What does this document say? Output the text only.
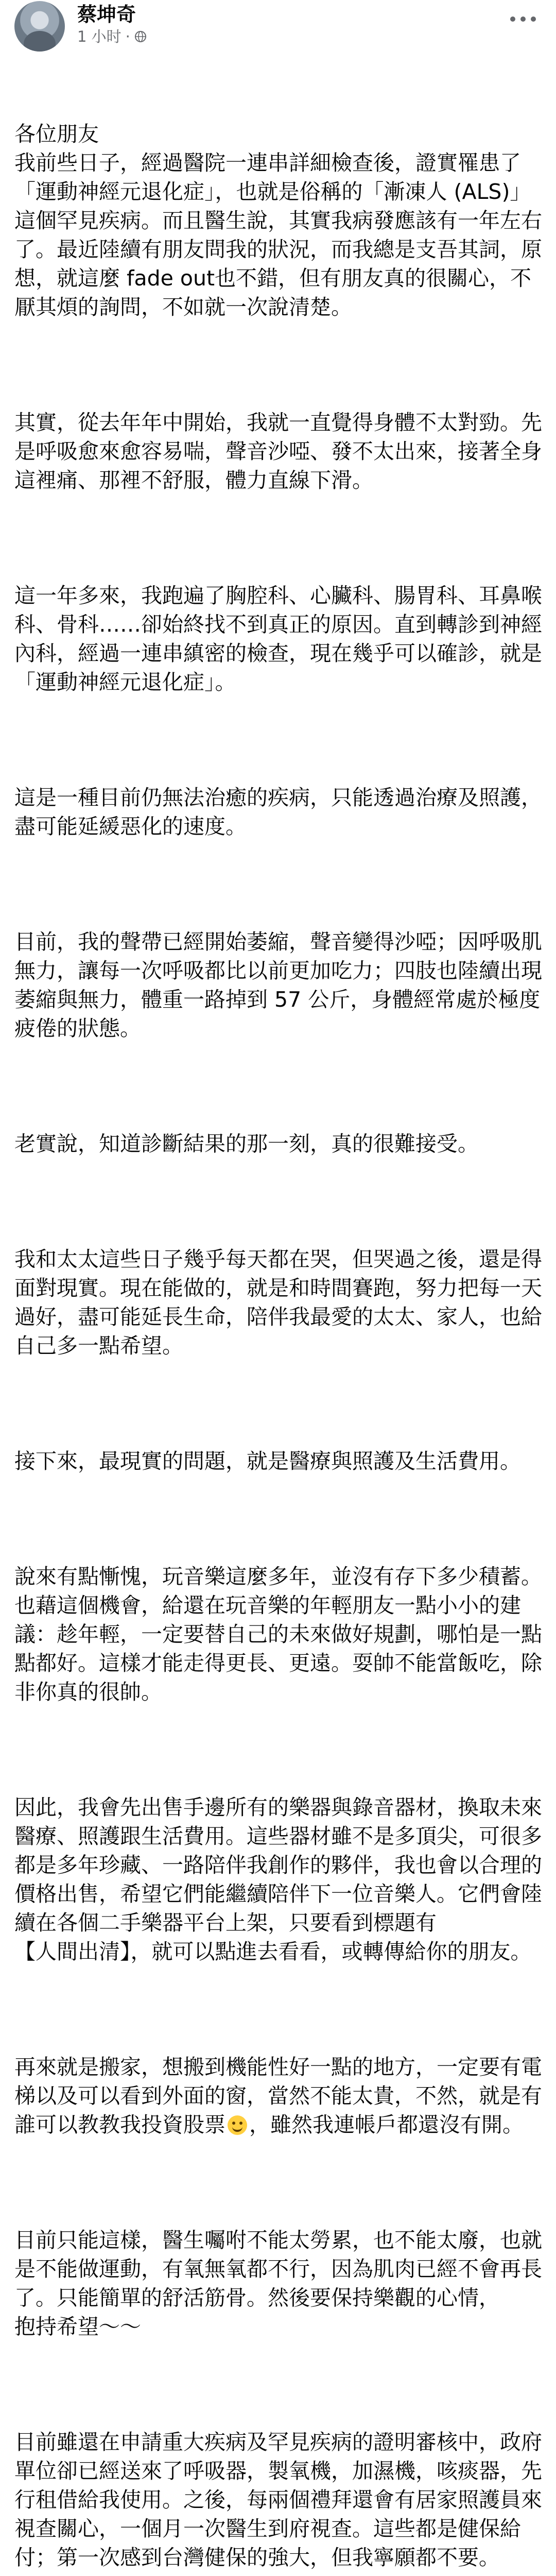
蔡坤奇
1 小时 ·

各位朋友
我前些日子，經過醫院一連串詳細檢查後，證實罹患了「運動神經元退化症」，也就是俗稱的「漸凍人 (ALS)」這個罕見疾病。而且醫生說，其實我病發應該有一年左右了。最近陸續有朋友問我的狀況，而我總是支吾其詞，原想，就這麼 fade out也不錯，但有朋友真的很關心，不厭其煩的詢問，不如就一次說清楚。

其實，從去年年中開始，我就一直覺得身體不太對勁。先是呼吸愈來愈容易喘，聲音沙啞、發不太出來，接著全身這裡痛、那裡不舒服，體力直線下滑。

這一年多來，我跑遍了胸腔科、心臟科、腸胃科、耳鼻喉科、骨科……卻始終找不到真正的原因。直到轉診到神經內科，經過一連串縝密的檢查，現在幾乎可以確診，就是「運動神經元退化症」。

這是一種目前仍無法治癒的疾病，只能透過治療及照護，盡可能延緩惡化的速度。

目前，我的聲帶已經開始萎縮，聲音變得沙啞；因呼吸肌無力，讓每一次呼吸都比以前更加吃力；四肢也陸續出現萎縮與無力，體重一路掉到 57 公斤，身體經常處於極度疲倦的狀態。

老實說，知道診斷結果的那一刻，真的很難接受。

我和太太這些日子幾乎每天都在哭，但哭過之後，還是得面對現實。現在能做的，就是和時間賽跑，努力把每一天過好，盡可能延長生命，陪伴我最愛的太太、家人，也給自己多一點希望。

接下來，最現實的問題，就是醫療與照護及生活費用。

說來有點慚愧，玩音樂這麼多年，並沒有存下多少積蓄。也藉這個機會，給還在玩音樂的年輕朋友一點小小的建議：趁年輕，一定要替自己的未來做好規劃，哪怕是一點點都好。這樣才能走得更長、更遠。耍帥不能當飯吃，除非你真的很帥。

因此，我會先出售手邊所有的樂器與錄音器材，換取未來醫療、照護跟生活費用。這些器材雖不是多頂尖，可很多都是多年珍藏、一路陪伴我創作的夥伴，我也會以合理的價格出售，希望它們能繼續陪伴下一位音樂人。它們會陸續在各個二手樂器平台上架，只要看到標題有
【人間出清】，就可以點進去看看，或轉傳給你的朋友。

再來就是搬家，想搬到機能性好一點的地方，一定要有電梯以及可以看到外面的窗，當然不能太貴，不然，就是有誰可以教教我投資股票 ，雖然我連帳戶都還沒有開。

目前只能這樣，醫生囑咐不能太勞累，也不能太廢，也就是不能做運動，有氧無氧都不行，因為肌肉已經不會再長了。只能簡單的舒活筋骨。然後要保持樂觀的心情，
抱持希望～～

目前雖還在申請重大疾病及罕見疾病的證明審核中，政府單位卻已經送來了呼吸器，製氧機，加濕機，咳痰器，先行租借給我使用。之後，每兩個禮拜還會有居家照護員來視查關心，一個月一次醫生到府視查。這些都是健保給付；第一次感到台灣健保的強大，但我寧願都不要。
